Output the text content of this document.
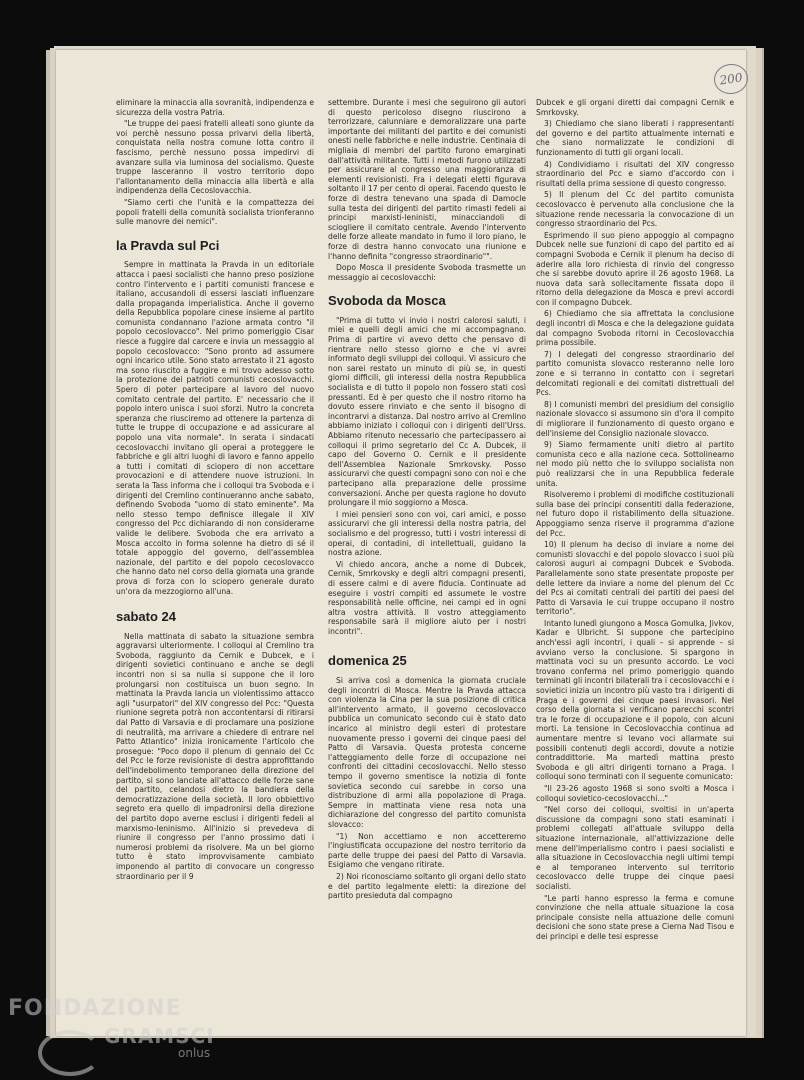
200

eliminare la minaccia alla sovranità, indipendenza e sicurezza della vostra Patria.

"Le truppe dei paesi fratelli alleati sono giunte da voi perchè nessuno possa privarvi della libertà, conquistata nella nostra comune lotta contro il fascismo, perchè nessuno possa impedirvi di avanzare sulla via luminosa del socialismo. Queste truppe lasceranno il vostro territorio dopo l'allontanamento della minaccia alla libertà e alla indipendenza della Cecoslovacchia.

"Siamo certi che l'unità e la compattezza dei popoli fratelli della comunità socialista trionferanno sulle manovre dei nemici".

la Pravda sul Pci

Sempre in mattinata la Pravda in un editoriale attacca i paesi socialisti che hanno preso posizione contro l'intervento e i partiti comunisti francese e italiano, accusandoli di essersi lasciati influenzare dalla propaganda imperialistica. Anche il governo della Repubblica popolare cinese insieme al partito comunista condannano l'azione armata contro "il popolo cecoslovacco". Nel primo pomeriggio Cisar riesce a fuggire dal carcere e invia un messaggio al popolo cecoslovacco: "Sono pronto ad assumere ogni incarico utile. Sono stato arrestato il 21 agosto ma sono riuscito a fuggire e mi trovo adesso sotto la protezione dei patrioti comunisti cecoslovacchi. Spero di poter partecipare al lavoro del nuovo comitato centrale del partito. E' necessario che il popolo intero unisca i suoi sforzi. Nutro la concreta speranza che riusciremo ad ottenere la partenza di tutte le truppe di occupazione e ad assicurare al popolo una vita normale". In serata i sindacati cecoslovacchi invitano gli operai a proteggere le fabbriche e gli altri luoghi di lavoro e fanno appello a tutti i comitati di sciopero di non accettare provocazioni e di attendere nuove istruzioni. In serata la Tass informa che i colloqui tra Svoboda e i dirigenti del Cremlino continueranno anche sabato, definendo Svoboda "uomo di stato eminente". Ma nello stesso tempo definisce illegale il XIV congresso del Pcc dichiarando di non considerarne valide le delibere. Svoboda che era arrivato a Mosca accolto in forma solenne ha dietro di sé il totale appoggio del governo, dell'assemblea nazionale, del partito e del popolo cecoslovacco che hanno dato nel corso della giornata una grande prova di forza con lo sciopero generale durato un'ora da mezzogiorno all'una.

sabato 24

Nella mattinata di sabato la situazione sembra aggravarsi ulteriormente. I colloqui al Cremlino tra Svoboda, raggiunto da Cernik e Dubcek, e i dirigenti sovietici continuano e anche se degli incontri non si sa nulla si suppone che il loro prolungarsi non costituisca un buon segno. In mattinata la Pravda lancia un violentissimo attacco agli "usurpatori" del XIV congresso del Pcc: "Questa riunione segreta potrà non accontentarsi di ritirarsi dal Patto di Varsavia e di proclamare una posizione di neutralità, ma arrivare a chiedere di entrare nel Patto Atlantico" inizia ironicamente l'articolo che prosegue: "Poco dopo il plenum di gennaio del Cc del Pcc le forze revisioniste di destra approfittando dell'indebolimento temporaneo della direzione del partito, si sono lanciate all'attacco delle forze sane del partito, celandosi dietro la bandiera della democratizzazione della società. Il loro obbiettivo segreto era quello di impadronirsi della direzione del partito dopo averne esclusi i dirigenti fedeli al marxismo-leninismo. All'inizio si prevedeva di riunire il congresso per l'anno prossimo dati i numerosi problemi da risolvere. Ma un bel giorno tutto è stato improvvisamente cambiato imponendo al partito di convocare un congresso straordinario per il 9

settembre. Durante i mesi che seguirono gli autori di questo pericoloso disegno riuscirono a terrorizzare, calunniare e demoralizzare una parte importante dei militanti del partito e dei comunisti onesti nelle fabbriche e nelle industrie. Centinaia di migliaia di membri del partito furono emarginati dall'attività militante. Tutti i metodi furono utilizzati per assicurare al congresso una maggioranza di elementi revisionisti. Fra i delegati eletti figurava soltanto il 17 per cento di operai. Facendo questo le forze di destra tenevano una spada di Damocle sulla testa dei dirigenti del partito rimasti fedeli ai principi marxisti-leninisti, minacciandoli di sciogliere il comitato centrale. Avendo l'intervento delle forze alleate mandato in fumo il loro piano, le forze di destra hanno convocato una riunione e l'hanno definita "congresso straordinario"".

Dopo Mosca il presidente Svoboda trasmette un messaggio ai cecoslovacchi:

Svoboda da Mosca

"Prima di tutto vi invio i nostri calorosi saluti, i miei e quelli degli amici che mi accompagnano. Prima di partire vi avevo detto che pensavo di rientrare nello stesso giorno e che vi avrei informato degli sviluppi dei colloqui. Vi assicuro che non sarei restato un minuto di più se, in questi giorni difficili, gli interessi della nostra Repubblica socialista e di tutto il popolo non fossero stati così pressanti. Ed è per questo che il nostro ritorno ha dovuto essere rinviato e che sento il bisogno di incontrarvi a distanza. Dal nostro arrivo al Cremlino abbiamo iniziato i colloqui con i dirigenti dell'Urss. Abbiamo ritenuto necessario che partecipassero ai colloqui il primo segretario del Cc A. Dubcek, il capo del Governo O. Cernik e il presidente dell'Assemblea Nazionale Smrkovsky. Posso assicurarvi che questi compagni sono con noi e che partecipano alla preparazione delle prossime conversazioni. Anche per questa ragione ho dovuto prolungare il mio soggiorno a Mosca.

I miei pensieri sono con voi, cari amici, e posso assicurarvi che gli interessi della nostra patria, del socialismo e del progresso, tutti i vostri interessi di operai, di contadini, di intellettuali, guidano la nostra azione.

Vi chiedo ancora, anche a nome di Dubcek, Cernik, Smrkovsky e degli altri compagni presenti, di essere calmi e di avere fiducia. Continuate ad eseguire i vostri compiti ed assumete le vostre responsabilità nelle officine, nei campi ed in ogni altra vostra attività. Il vostro atteggiamento responsabile sarà il migliore aiuto per i nostri incontri".

domenica 25

Si arriva così a domenica la giornata cruciale degli incontri di Mosca. Mentre la Pravda attacca con violenza la Cina per la sua posizione di critica all'intervento armato, il governo cecoslovacco pubblica un comunicato secondo cui è stato dato incarico al ministro degli esteri di protestare nuovamente presso i governi dei cinque paesi del Patto di Varsavia. Questa protesta concerne l'atteggiamento delle forze di occupazione nei confronti dei cittadini cecoslovacchi. Nello stesso tempo il governo smentisce la notizia di fonte sovietica secondo cui sarebbe in corso una distribuzione di armi alla popolazione di Praga. Sempre in mattinata viene resa nota una dichiarazione del congresso del partito comunista slovacco:

"1) Non accettiamo e non accetteremo l'ingiustificata occupazione del nostro territorio da parte delle truppe dei paesi del Patto di Varsavia. Esigiamo che vengano ritirate.

2) Noi riconosciamo soltanto gli organi dello stato e del partito legalmente eletti: la direzione del partito presieduta dal compagno

Dubcek e gli organi diretti dai compagni Cernik e Smrkovsky.

3) Chiediamo che siano liberati i rappresentanti del governo e del partito attualmente internati e che siano normalizzate le condizioni di funzionamento di tutti gli organi locali.

4) Condividiamo i risultati del XIV congresso straordinario del Pcc e siamo d'accordo con i risultati della prima sessione di questo congresso.

5) Il plenum del Cc del partito comunista cecoslovacco è pervenuto alla conclusione che la situazione rende necessaria la convocazione di un congresso straordinario del Pcs.

Esprimendo il suo pieno appoggio al compagno Dubcek nelle sue funzioni di capo del partito ed ai compagni Svoboda e Cernik il plenum ha deciso di aderire alla loro richiesta di rinvio del congresso che si sarebbe dovuto aprire il 26 agosto 1968. La nuova data sarà sollecitamente fissata dopo il ritorno della delegazione da Mosca e previ accordi con il compagno Dubcek.

6) Chiediamo che sia affrettata la conclusione degli incontri di Mosca e che la delegazione guidata dal compagno Svoboda ritorni in Cecoslovacchia prima possibile.

7) I delegati del congresso straordinario del partito comunista slovacco resteranno nelle loro zone e si terranno in contatto con i segretari delcomitati regionali e dei comitati distrettuali del Pcs.

8) I comunisti membri del presidium del consiglio nazionale slovacco si assumono sin d'ora il compito di migliorare il funzionamento di questo organo e dell'insieme del Consiglio nazionale slovacco.

9) Siamo fermamente uniti dietro al partito comunista ceco e alla nazione ceca. Sottolineamo nel modo più netto che lo sviluppo socialista non può realizzarsi che in una Repubblica federale unita.

Risolveremo i problemi di modifiche costituzionali sulla base dei principi consentiti dalla federazione, nel futuro dopo il ristabilimento della situazione. Appoggiamo senza riserve il programma d'azione del Pcc.

10) Il plenum ha deciso di inviare a nome dei comunisti slovacchi e del popolo slovacco i suoi più calorosi auguri ai compagni Dubcek e Svoboda. Parallelamente sono state presentate proposte per delle lettere da inviare a nome del plenum del Cc del Pcs ai comitati centrali dei partiti dei paesi del Patto di Varsavia le cui truppe occupano il nostro territorio".

Intanto lunedì giungono a Mosca Gomulka, Jivkov, Kadar e Ulbricht. Si suppone che partecipino anch'essi agli incontri, i quali – si apprende – si avviano verso la conclusione. Si spargono in mattinata voci su un presunto accordo. Le voci trovano conferma nel primo pomeriggio quando terminati gli incontri bilaterali tra i cecoslovacchi e i sovietici inizia un incontro più vasto tra i dirigenti di Praga e i governi dei cinque paesi invasori. Nel corso della giornata si verificano parecchi scontri tra le forze di occupazione e il popolo, con alcuni morti. La tensione in Cecoslovacchia continua ad aumentare mentre si levano voci allarmate sui possibili contenuti degli accordi, dovute a notizie contraddittorie. Ma martedì mattina presto Svoboda e gli altri dirigenti tornano a Praga. I colloqui sono terminati con il seguente comunicato:

"Il 23-26 agosto 1968 si sono svolti a Mosca i colloqui sovietico-cecoslovacchi..."

"Nel corso dei colloqui, svoltisi in un'aperta discussione da compagni sono stati esaminati i problemi collegati all'attuale sviluppo della situazione internazionale, all'attivizzazione delle mene dell'imperialismo contro i paesi socialisti e alla situazione in Cecoslovacchia negli ultimi tempi e al temporaneo intervento sul territorio cecoslovacco delle truppe dei cinque paesi socialisti.

"Le parti hanno espresso la ferma e comune convinzione che nella attuale situazione la cosa principale consiste nella attuazione delle comuni decisioni che sono state prese a Cierna Nad Tisou e dei principi e delle tesi espresse

FONDAZIONE
GRAMSCI
onlus
